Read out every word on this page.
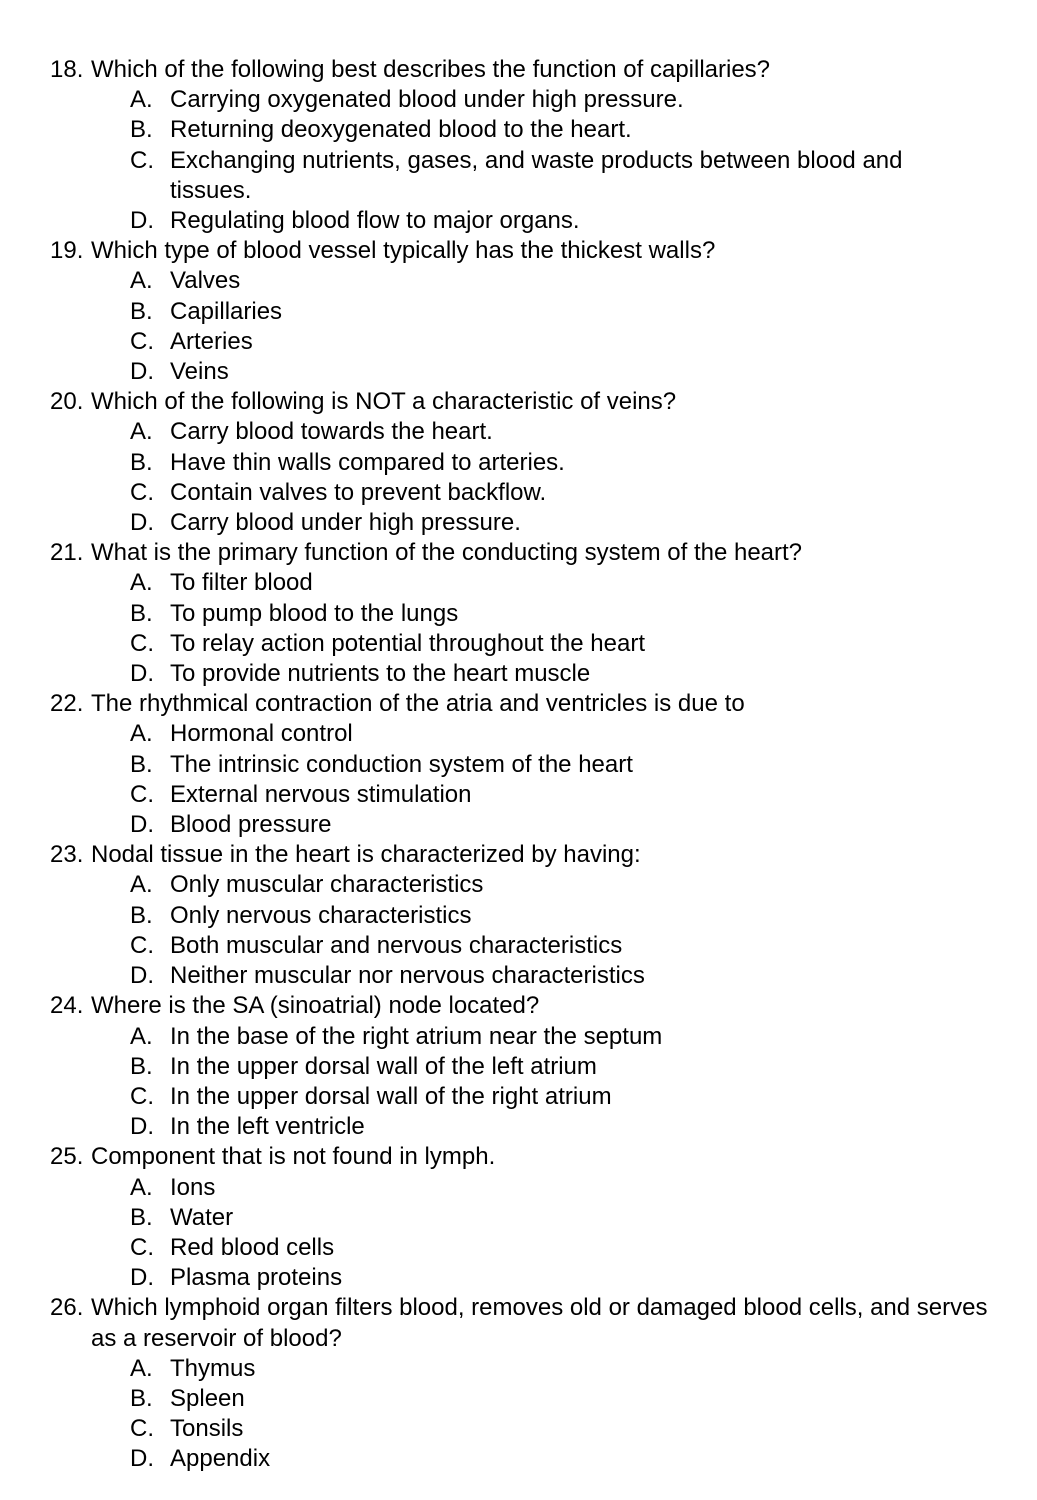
18. Which of the following best describes the function of capillaries?
A. Carrying oxygenated blood under high pressure.
B. Returning deoxygenated blood to the heart.
C. Exchanging nutrients, gases, and waste products between blood and tissues.
D. Regulating blood flow to major organs.
19. Which type of blood vessel typically has the thickest walls?
A. Valves
B. Capillaries
C. Arteries
D. Veins
20. Which of the following is NOT a characteristic of veins?
A. Carry blood towards the heart.
B. Have thin walls compared to arteries.
C. Contain valves to prevent backflow.
D. Carry blood under high pressure.
21. What is the primary function of the conducting system of the heart?
A. To filter blood
B. To pump blood to the lungs
C. To relay action potential throughout the heart
D. To provide nutrients to the heart muscle
22. The rhythmical contraction of the atria and ventricles is due to
A. Hormonal control
B. The intrinsic conduction system of the heart
C. External nervous stimulation
D. Blood pressure
23. Nodal tissue in the heart is characterized by having:
A. Only muscular characteristics
B. Only nervous characteristics
C. Both muscular and nervous characteristics
D. Neither muscular nor nervous characteristics
24. Where is the SA (sinoatrial) node located?
A. In the base of the right atrium near the septum
B. In the upper dorsal wall of the left atrium
C. In the upper dorsal wall of the right atrium
D. In the left ventricle
25. Component that is not found in lymph.
A. Ions
B. Water
C. Red blood cells
D. Plasma proteins
26. Which lymphoid organ filters blood, removes old or damaged blood cells, and serves as a reservoir of blood?
A. Thymus
B. Spleen
C. Tonsils
D. Appendix
